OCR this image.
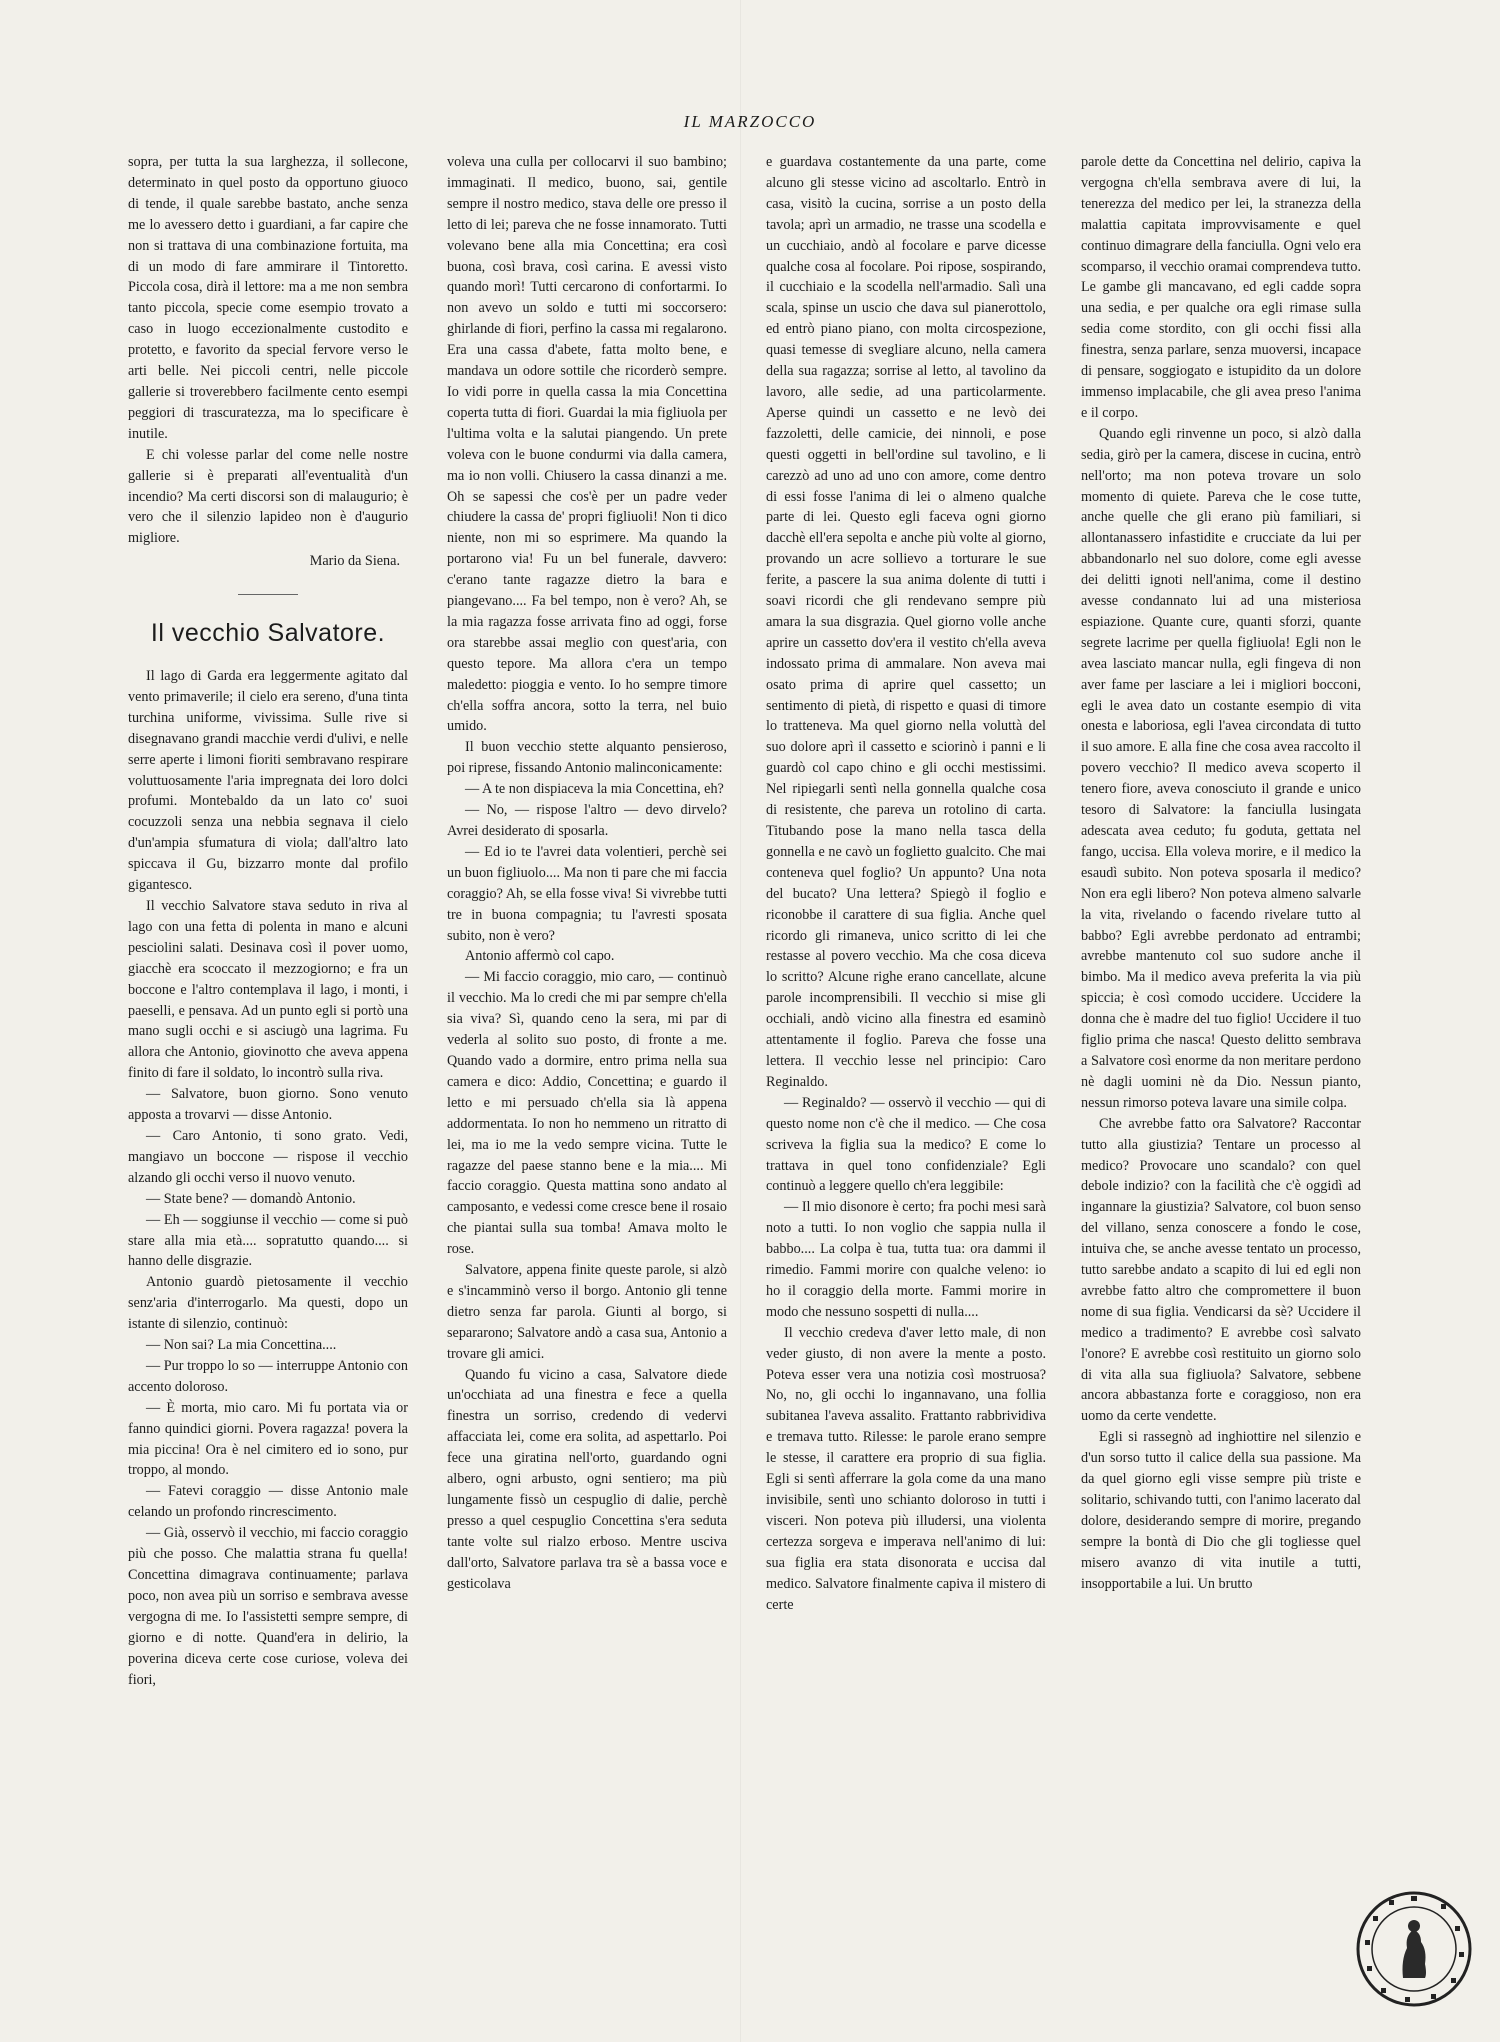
IL MARZOCCO

sopra, per tutta la sua larghezza, il sollecone, determinato in quel posto da opportuno giuoco di tende, il quale sarebbe bastato, anche senza me lo avessero detto i guardiani, a far capire che non si trattava di una combinazione fortuita, ma di un modo di fare ammirare il Tintoretto. Piccola cosa, dirà il lettore: ma a me non sembra tanto piccola, specie come esempio trovato a caso in luogo eccezionalmente custodito e protetto, e favorito da special fervore verso le arti belle. Nei piccoli centri, nelle piccole gallerie si troverebbero facilmente cento esempi peggiori di trascuratezza, ma lo specificare è inutile.

E chi volesse parlar del come nelle nostre gallerie si è preparati all'eventualità d'un incendio? Ma certi discorsi son di malaugurio; è vero che il silenzio lapideo non è d'augurio migliore.

Mario da Siena.
Il vecchio Salvatore.

Il lago di Garda era leggermente agitato dal vento primaverile; il cielo era sereno, d'una tinta turchina uniforme, vivissima. Sulle rive si disegnavano grandi macchie verdi d'ulivi, e nelle serre aperte i limoni fioriti sembravano respirare voluttuosamente l'aria impregnata dei loro dolci profumi. Montebaldo da un lato co' suoi cocuzzoli senza una nebbia segnava il cielo d'un'ampia sfumatura di viola; dall'altro lato spiccava il Gu, bizzarro monte dal profilo gigantesco.

Il vecchio Salvatore stava seduto in riva al lago con una fetta di polenta in mano e alcuni pesciolini salati. Desinava così il pover uomo, giacchè era scoccato il mezzogiorno; e fra un boccone e l'altro contemplava il lago, i monti, i paeselli, e pensava. Ad un punto egli si portò una mano sugli occhi e si asciugò una lagrima. Fu allora che Antonio, giovinotto che aveva appena finito di fare il soldato, lo incontrò sulla riva.

— Salvatore, buon giorno. Sono venuto apposta a trovarvi — disse Antonio.

— Caro Antonio, ti sono grato. Vedi, mangiavo un boccone — rispose il vecchio alzando gli occhi verso il nuovo venuto.

— State bene? — domandò Antonio.

— Eh — soggiunse il vecchio — come si può stare alla mia età.... sopratutto quando.... si hanno delle disgrazie.

Antonio guardò pietosamente il vecchio senz'aria d'interrogarlo. Ma questi, dopo un istante di silenzio, continuò:

— Non sai? La mia Concettina....

— Pur troppo lo so — interruppe Antonio con accento doloroso.

— È morta, mio caro. Mi fu portata via or fanno quindici giorni. Povera ragazza! povera la mia piccina! Ora è nel cimitero ed io sono, pur troppo, al mondo.

— Fatevi coraggio — disse Antonio male celando un profondo rincrescimento.

— Già, osservò il vecchio, mi faccio coraggio più che posso. Che malattia strana fu quella! Concettina dimagrava continuamente; parlava poco, non avea più un sorriso e sembrava avesse vergogna di me. Io l'assistetti sempre sempre, di giorno e di notte. Quand'era in delirio, la poverina diceva certe cose curiose, voleva dei fiori,

voleva una culla per collocarvi il suo bambino; immaginati. Il medico, buono, sai, gentile sempre il nostro medico, stava delle ore presso il letto di lei; pareva che ne fosse innamorato. Tutti volevano bene alla mia Concettina; era così buona, così brava, così carina. E avessi visto quando morì! Tutti cercarono di confortarmi. Io non avevo un soldo e tutti mi soccorsero: ghirlande di fiori, perfino la cassa mi regalarono. Era una cassa d'abete, fatta molto bene, e mandava un odore sottile che ricorderò sempre. Io vidi porre in quella cassa la mia Concettina coperta tutta di fiori. Guardai la mia figliuola per l'ultima volta e la salutai piangendo. Un prete voleva con le buone condurmi via dalla camera, ma io non volli. Chiusero la cassa dinanzi a me. Oh se sapessi che cos'è per un padre veder chiudere la cassa de' propri figliuoli! Non ti dico niente, non mi so esprimere. Ma quando la portarono via! Fu un bel funerale, davvero: c'erano tante ragazze dietro la bara e piangevano.... Fa bel tempo, non è vero? Ah, se la mia ragazza fosse arrivata fino ad oggi, forse ora starebbe assai meglio con quest'aria, con questo tepore. Ma allora c'era un tempo maledetto: pioggia e vento. Io ho sempre timore ch'ella soffra ancora, sotto la terra, nel buio umido.

Il buon vecchio stette alquanto pensieroso, poi riprese, fissando Antonio malinconicamente:

— A te non dispiaceva la mia Concettina, eh?

— No, — rispose l'altro — devo dirvelo? Avrei desiderato di sposarla.

— Ed io te l'avrei data volentieri, perchè sei un buon figliuolo.... Ma non ti pare che mi faccia coraggio? Ah, se ella fosse viva! Si vivrebbe tutti tre in buona compagnia; tu l'avresti sposata subito, non è vero?

Antonio affermò col capo.

— Mi faccio coraggio, mio caro, — continuò il vecchio. Ma lo credi che mi par sempre ch'ella sia viva? Sì, quando ceno la sera, mi par di vederla al solito suo posto, di fronte a me. Quando vado a dormire, entro prima nella sua camera e dico: Addio, Concettina; e guardo il letto e mi persuado ch'ella sia là appena addormentata. Io non ho nemmeno un ritratto di lei, ma io me la vedo sempre vicina. Tutte le ragazze del paese stanno bene e la mia.... Mi faccio coraggio. Questa mattina sono andato al camposanto, e vedessi come cresce bene il rosaio che piantai sulla sua tomba! Amava molto le rose.

Salvatore, appena finite queste parole, si alzò e s'incamminò verso il borgo. Antonio gli tenne dietro senza far parola. Giunti al borgo, si separarono; Salvatore andò a casa sua, Antonio a trovare gli amici.

Quando fu vicino a casa, Salvatore diede un'occhiata ad una finestra e fece a quella finestra un sorriso, credendo di vedervi affacciata lei, come era solita, ad aspettarlo. Poi fece una giratina nell'orto, guardando ogni albero, ogni arbusto, ogni sentiero; ma più lungamente fissò un cespuglio di dalie, perchè presso a quel cespuglio Concettina s'era seduta tante volte sul rialzo erboso. Mentre usciva dall'orto, Salvatore parlava tra sè a bassa voce e gesticolava

e guardava costantemente da una parte, come alcuno gli stesse vicino ad ascoltarlo. Entrò in casa, visitò la cucina, sorrise a un posto della tavola; aprì un armadio, ne trasse una scodella e un cucchiaio, andò al focolare e parve dicesse qualche cosa al focolare. Poi ripose, sospirando, il cucchiaio e la scodella nell'armadio. Salì una scala, spinse un uscio che dava sul pianerottolo, ed entrò piano piano, con molta circospezione, quasi temesse di svegliare alcuno, nella camera della sua ragazza; sorrise al letto, al tavolino da lavoro, alle sedie, ad una particolarmente. Aperse quindi un cassetto e ne levò dei fazzoletti, delle camicie, dei ninnoli, e pose questi oggetti in bell'ordine sul tavolino, e li carezzò ad uno ad uno con amore, come dentro di essi fosse l'anima di lei o almeno qualche parte di lei. Questo egli faceva ogni giorno dacchè ell'era sepolta e anche più volte al giorno, provando un acre sollievo a torturare le sue ferite, a pascere la sua anima dolente di tutti i soavi ricordi che gli rendevano sempre più amara la sua disgrazia. Quel giorno volle anche aprire un cassetto dov'era il vestito ch'ella aveva indossato prima di ammalare. Non aveva mai osato prima di aprire quel cassetto; un sentimento di pietà, di rispetto e quasi di timore lo tratteneva. Ma quel giorno nella voluttà del suo dolore aprì il cassetto e sciorinò i panni e li guardò col capo chino e gli occhi mestissimi. Nel ripiegarli sentì nella gonnella qualche cosa di resistente, che pareva un rotolino di carta. Titubando pose la mano nella tasca della gonnella e ne cavò un foglietto gualcito. Che mai conteneva quel foglio? Un appunto? Una nota del bucato? Una lettera? Spiegò il foglio e riconobbe il carattere di sua figlia. Anche quel ricordo gli rimaneva, unico scritto di lei che restasse al povero vecchio. Ma che cosa diceva lo scritto? Alcune righe erano cancellate, alcune parole incomprensibili. Il vecchio si mise gli occhiali, andò vicino alla finestra ed esaminò attentamente il foglio. Pareva che fosse una lettera. Il vecchio lesse nel principio: Caro Reginaldo.

— Reginaldo? — osservò il vecchio — qui di questo nome non c'è che il medico. — Che cosa scriveva la figlia sua la medico? E come lo trattava in quel tono confidenziale? Egli continuò a leggere quello ch'era leggibile:

— Il mio disonore è certo; fra pochi mesi sarà noto a tutti. Io non voglio che sappia nulla il babbo.... La colpa è tua, tutta tua: ora dammi il rimedio. Fammi morire con qualche veleno: io ho il coraggio della morte. Fammi morire in modo che nessuno sospetti di nulla....

Il vecchio credeva d'aver letto male, di non veder giusto, di non avere la mente a posto. Poteva esser vera una notizia così mostruosa? No, no, gli occhi lo ingannavano, una follia subitanea l'aveva assalito. Frattanto rabbrividiva e tremava tutto. Rilesse: le parole erano sempre le stesse, il carattere era proprio di sua figlia. Egli si sentì afferrare la gola come da una mano invisibile, sentì uno schianto doloroso in tutti i visceri. Non poteva più illudersi, una violenta certezza sorgeva e imperava nell'animo di lui: sua figlia era stata disonorata e uccisa dal medico. Salvatore finalmente capiva il mistero di certe

parole dette da Concettina nel delirio, capiva la vergogna ch'ella sembrava avere di lui, la tenerezza del medico per lei, la stranezza della malattia capitata improvvisamente e quel continuo dimagrare della fanciulla. Ogni velo era scomparso, il vecchio oramai comprendeva tutto. Le gambe gli mancavano, ed egli cadde sopra una sedia, e per qualche ora egli rimase sulla sedia come stordito, con gli occhi fissi alla finestra, senza parlare, senza muoversi, incapace di pensare, soggiogato e istupidito da un dolore immenso implacabile, che gli avea preso l'anima e il corpo.

Quando egli rinvenne un poco, si alzò dalla sedia, girò per la camera, discese in cucina, entrò nell'orto; ma non poteva trovare un solo momento di quiete. Pareva che le cose tutte, anche quelle che gli erano più familiari, si allontanassero infastidite e crucciate da lui per abbandonarlo nel suo dolore, come egli avesse dei delitti ignoti nell'anima, come il destino avesse condannato lui ad una misteriosa espiazione. Quante cure, quanti sforzi, quante segrete lacrime per quella figliuola! Egli non le avea lasciato mancar nulla, egli fingeva di non aver fame per lasciare a lei i migliori bocconi, egli le avea dato un costante esempio di vita onesta e laboriosa, egli l'avea circondata di tutto il suo amore. E alla fine che cosa avea raccolto il povero vecchio? Il medico aveva scoperto il tenero fiore, aveva conosciuto il grande e unico tesoro di Salvatore: la fanciulla lusingata adescata avea ceduto; fu goduta, gettata nel fango, uccisa. Ella voleva morire, e il medico la esaudì subito. Non poteva sposarla il medico? Non era egli libero? Non poteva almeno salvarle la vita, rivelando o facendo rivelare tutto al babbo? Egli avrebbe perdonato ad entrambi; avrebbe mantenuto col suo sudore anche il bimbo. Ma il medico aveva preferita la via più spiccia; è così comodo uccidere. Uccidere la donna che è madre del tuo figlio! Uccidere il tuo figlio prima che nasca! Questo delitto sembrava a Salvatore così enorme da non meritare perdono nè dagli uomini nè da Dio. Nessun pianto, nessun rimorso poteva lavare una simile colpa.

Che avrebbe fatto ora Salvatore? Raccontar tutto alla giustizia? Tentare un processo al medico? Provocare uno scandalo? con quel debole indizio? con la facilità che c'è oggidì ad ingannare la giustizia? Salvatore, col buon senso del villano, senza conoscere a fondo le cose, intuiva che, se anche avesse tentato un processo, tutto sarebbe andato a scapito di lui ed egli non avrebbe fatto altro che compromettere il buon nome di sua figlia. Vendicarsi da sè? Uccidere il medico a tradimento? E avrebbe così salvato l'onore? E avrebbe così restituito un giorno solo di vita alla sua figliuola? Salvatore, sebbene ancora abbastanza forte e coraggioso, non era uomo da certe vendette.

Egli si rassegnò ad inghiottire nel silenzio e d'un sorso tutto il calice della sua passione. Ma da quel giorno egli visse sempre più triste e solitario, schivando tutti, con l'animo lacerato dal dolore, desiderando sempre di morire, pregando sempre la bontà di Dio che gli togliesse quel misero avanzo di vita inutile a tutti, insopportabile a lui. Un brutto
